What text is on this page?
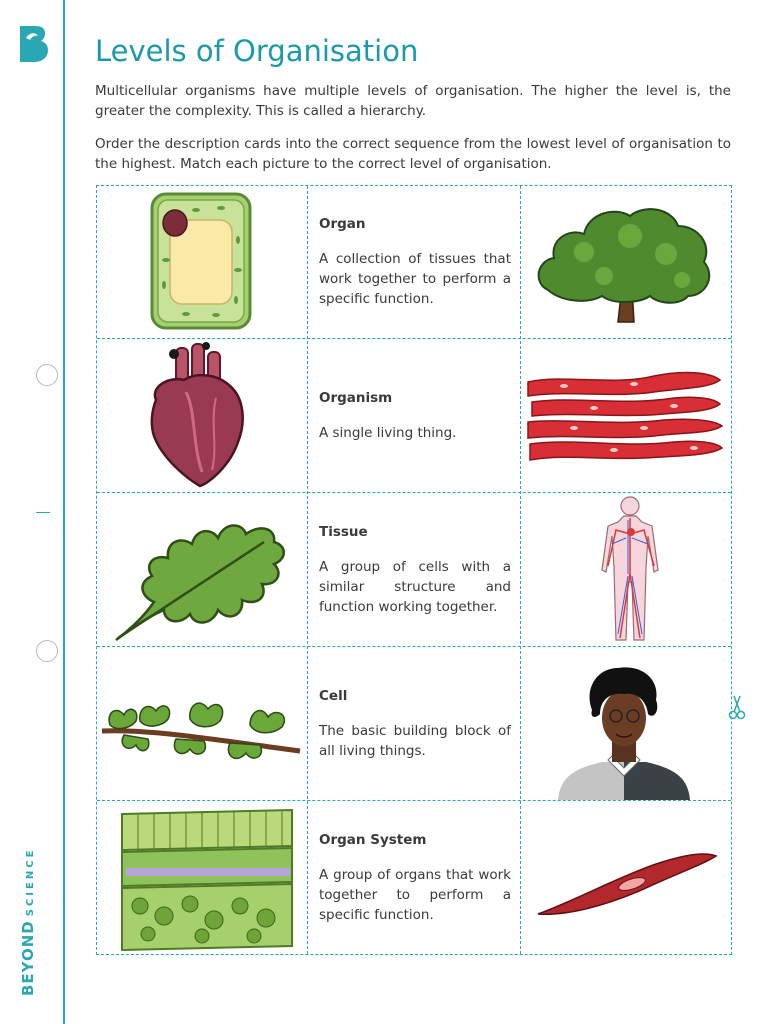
BEYONDSCIENCE
Levels of Organisation

Multicellular organisms have multiple levels of organisation. The higher the level is, the greater the complexity. This is called a hierarchy.

Order the description cards into the correct sequence from the lowest level of organisation to the highest. Match each picture to the correct level of organisation.

Organ

A collection of tissues that work together to perform a specific function.

Organism

A single living thing.

Tissue

A group of cells with a similar structure and function working together.

Cell

The basic building block of all living things.

Organ System

A group of organs that work together to perform a specific function.
